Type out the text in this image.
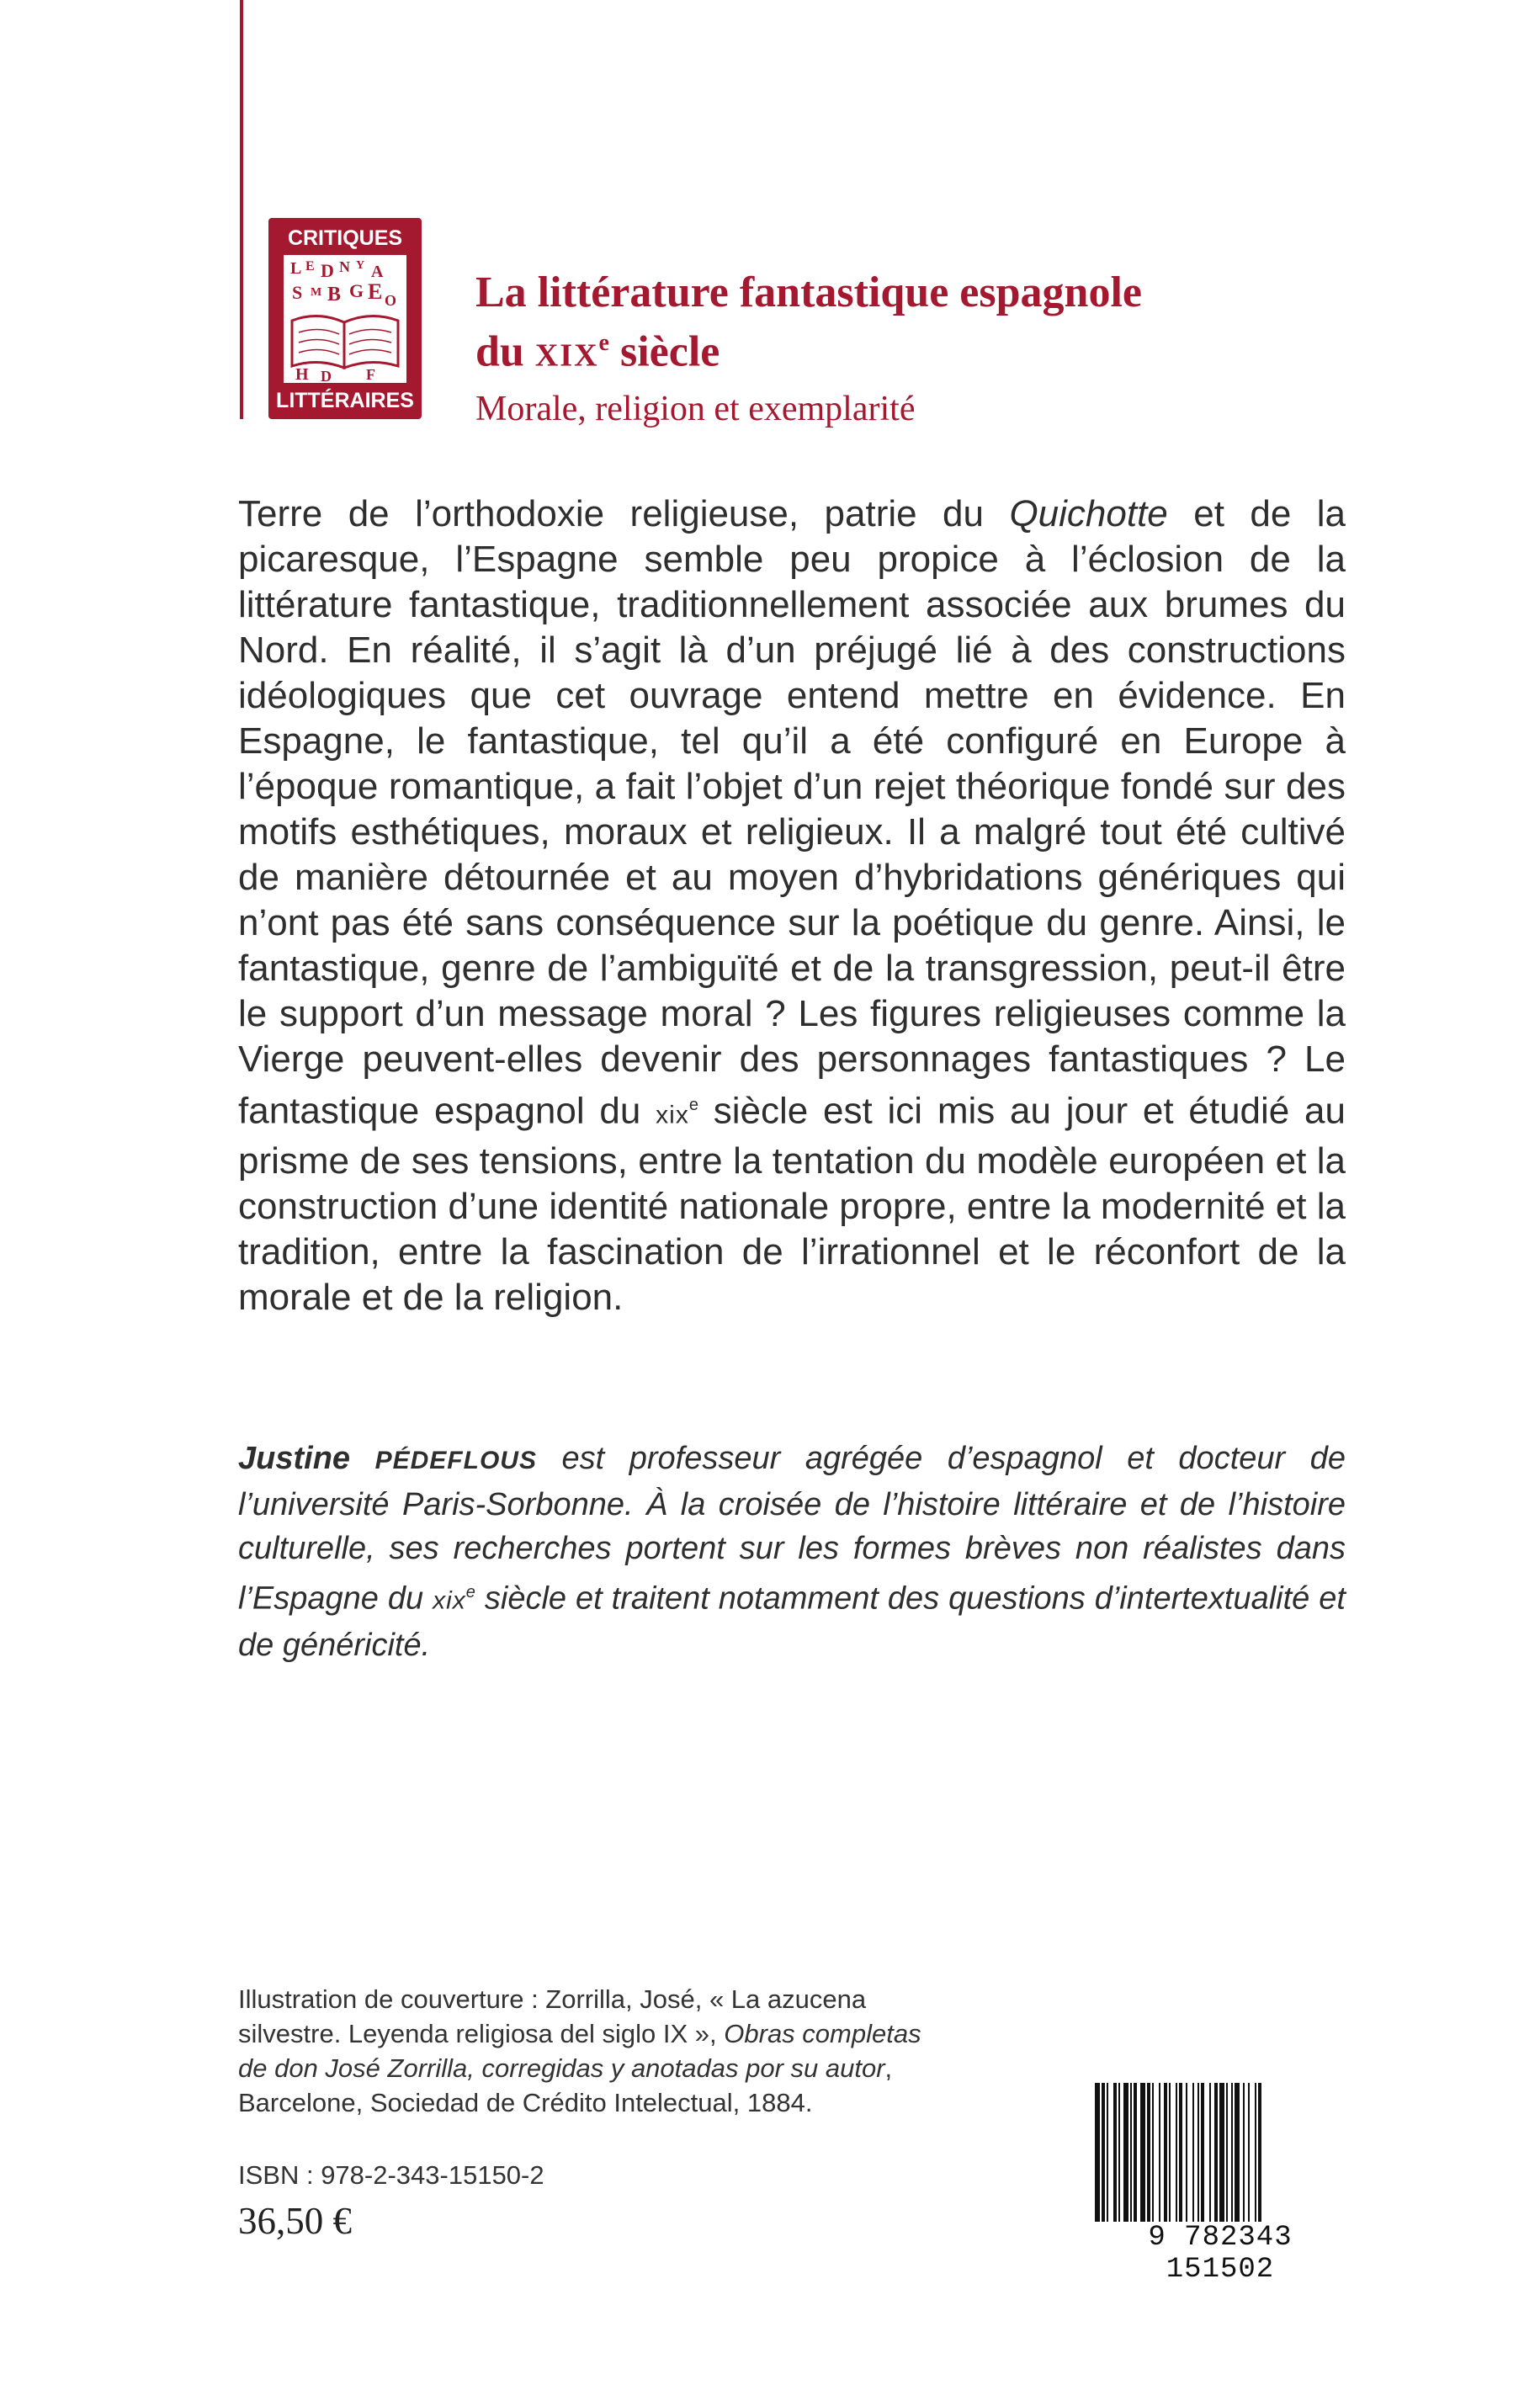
CRITIQUES
L E D N Y A
S M B G E O
H D F
LITTÉRAIRES
La littérature fantastique espagnole
du XIXe siècle
Morale, religion et exemplarité
Terre de l’orthodoxie religieuse, patrie du Quichotte et de la picaresque, l’Espagne semble peu propice à l’éclosion de la littérature fantastique, traditionnellement associée aux brumes du Nord. En réalité, il s’agit là d’un préjugé lié à des constructions idéologiques que cet ouvrage entend mettre en évidence. En Espagne, le fantastique, tel qu’il a été configuré en Europe à l’époque romantique, a fait l’objet d’un rejet théorique fondé sur des motifs esthétiques, moraux et religieux. Il a malgré tout été cultivé de manière détournée et au moyen d’hybridations génériques qui n’ont pas été sans conséquence sur la poétique du genre. Ainsi, le fantastique, genre de l’ambiguïté et de la transgression, peut-il être le support d’un message moral ? Les figures religieuses comme la Vierge peuvent-elles devenir des personnages fantastiques ? Le fantastique espagnol du xix$^e$ siècle est ici mis au jour et étudié au prisme de ses tensions, entre la tentation du modèle européen et la construction d’une identité nationale propre, entre la modernité et la tradition, entre la fascination de l’irrationnel et le réconfort de la morale et de la religion.
Justine PÉDEFLOUS est professeur agrégée d’espagnol et docteur de l’université Paris-Sorbonne. À la croisée de l’histoire littéraire et de l’histoire culturelle, ses recherches portent sur les formes brèves non réalistes dans l’Espagne du xix$^e$ siècle et traitent notamment des questions d’intertextualité et de généricité.
Illustration de couverture : Zorrilla, José, « La azucena silvestre. Leyenda religiosa del siglo IX », Obras completas de don José Zorrilla, corregidas y anotadas por su autor, Barcelone, Sociedad de Crédito Intelectual, 1884.
ISBN : 978-2-343-15150-2
36,50 €	9 782343 151502
